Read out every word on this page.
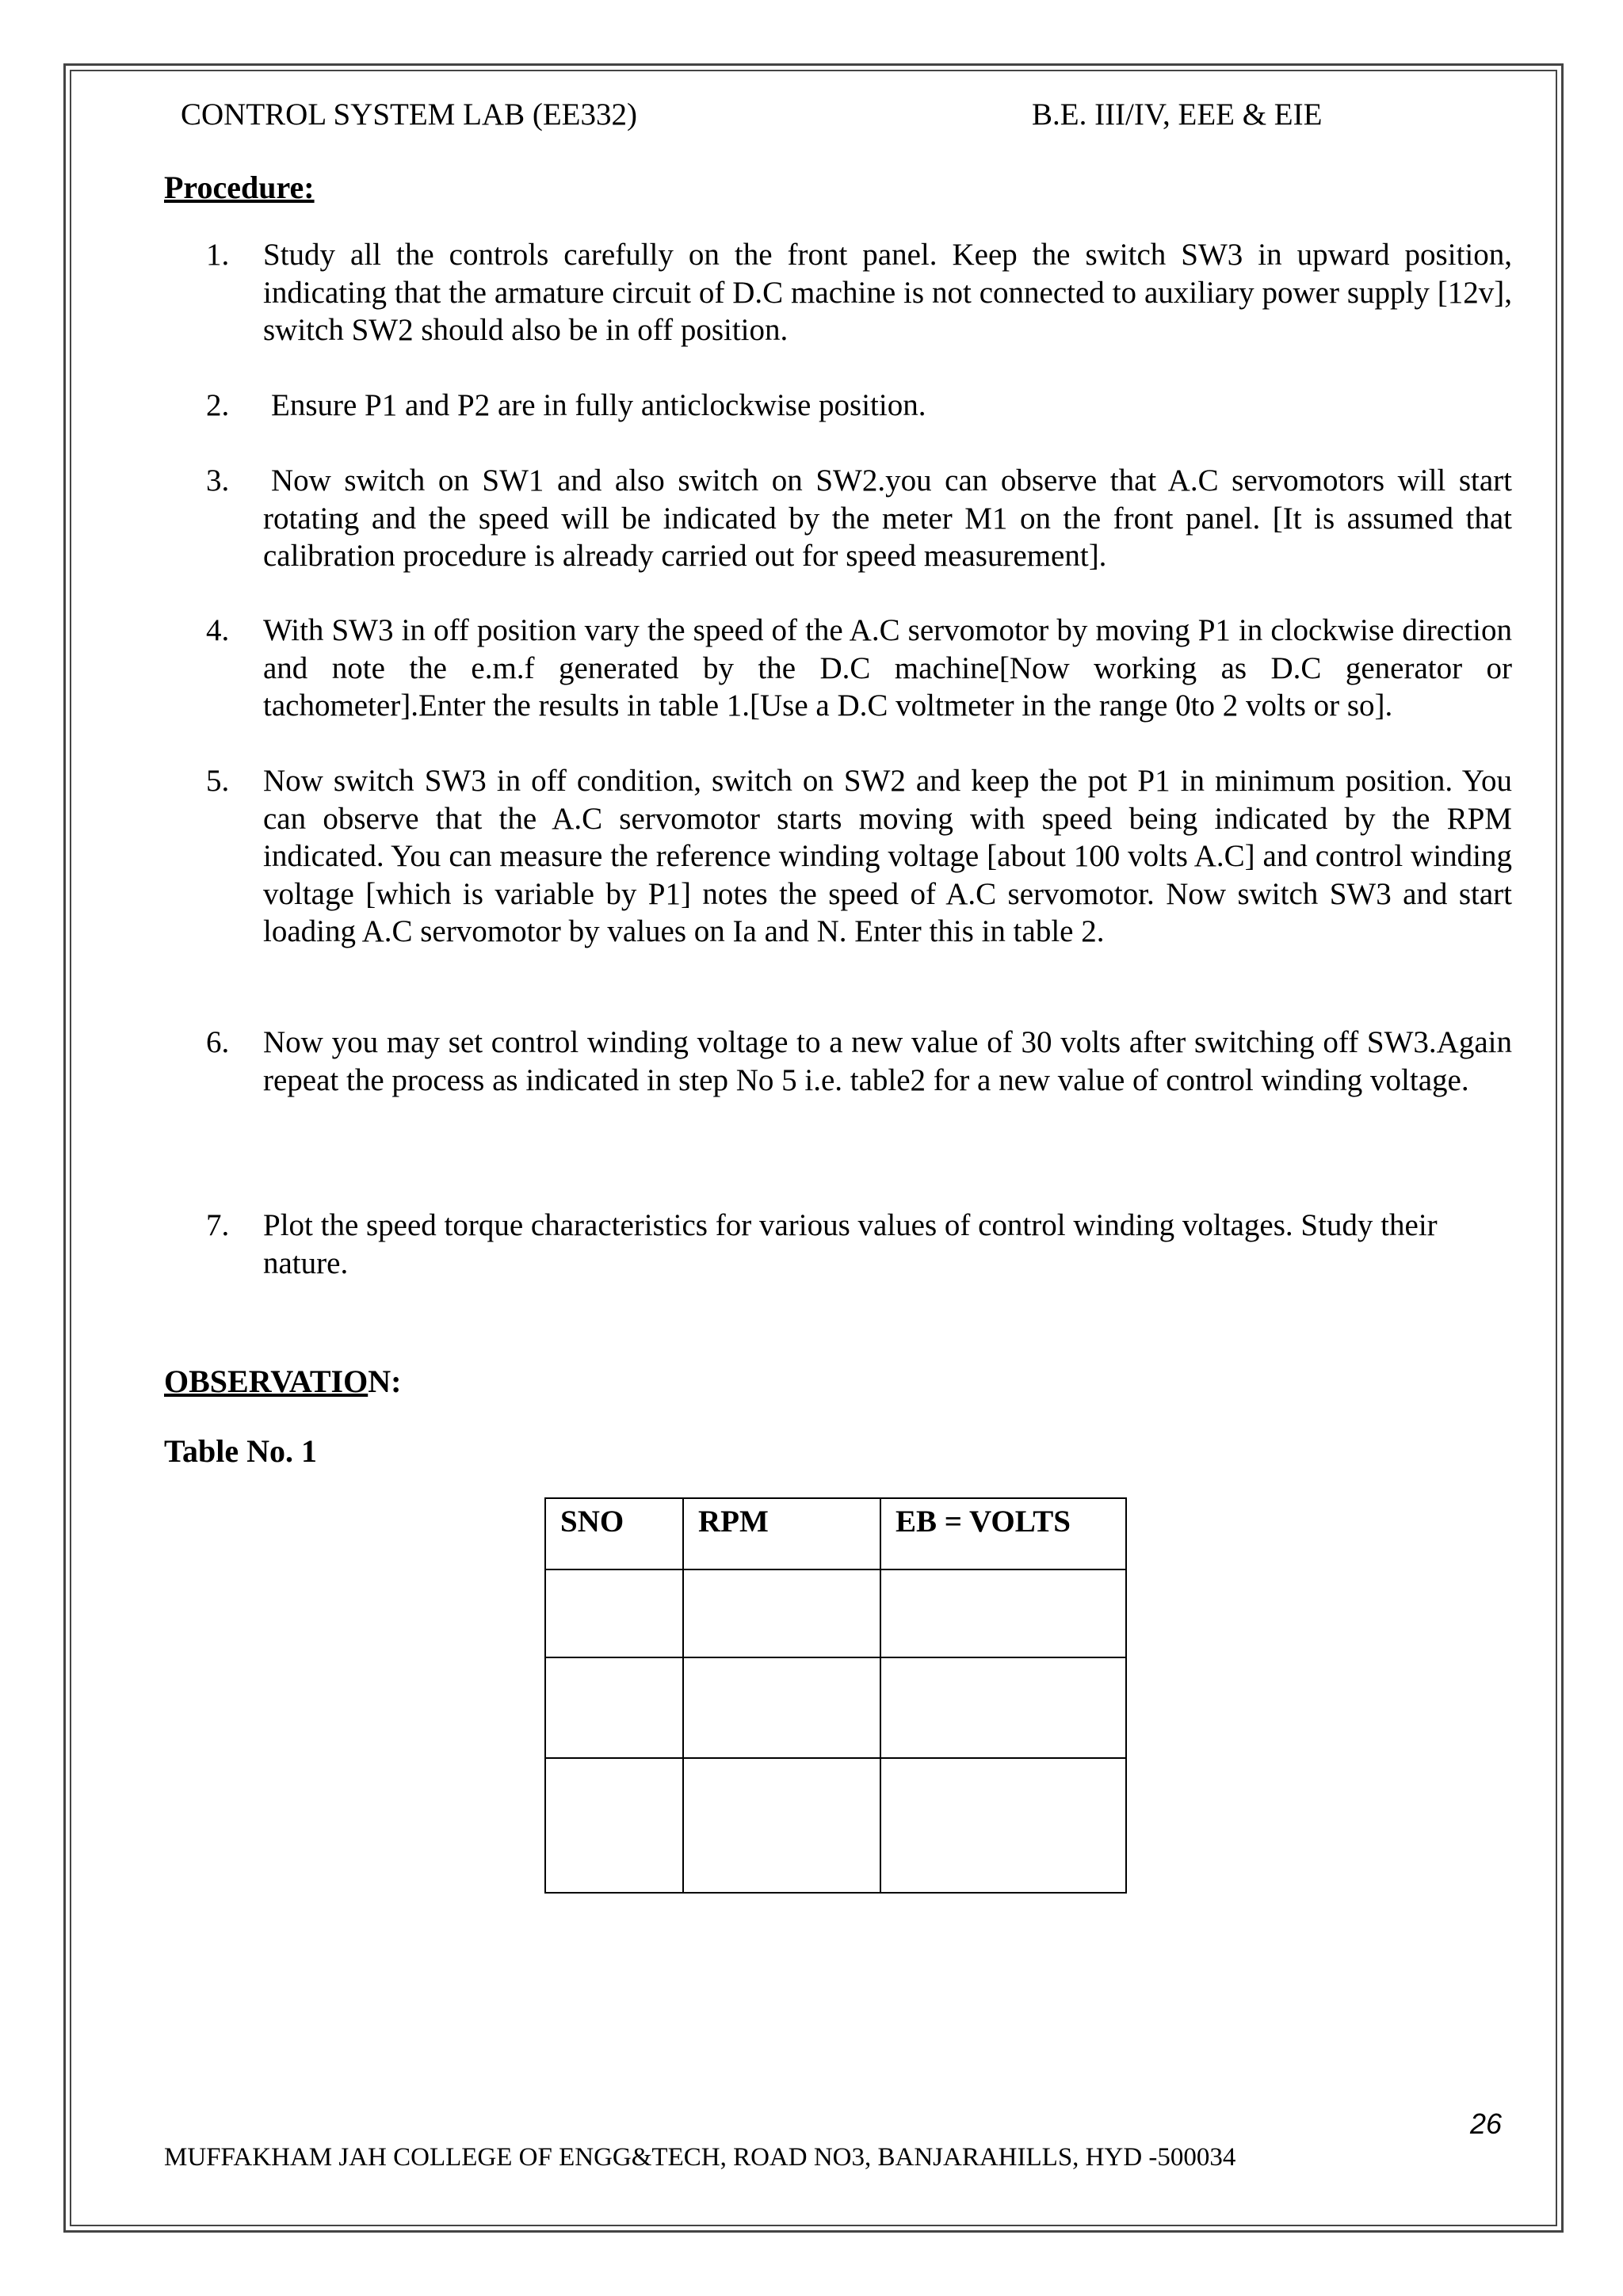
CONTROL SYSTEM LAB (EE332)	B.E. III/IV, EEE & EIE
Procedure:
1.	Study all the controls carefully on the front panel. Keep the switch SW3 in upward position, indicating that the armature circuit of D.C machine is not connected to auxiliary power supply [12v], switch SW2 should also be in off position.
2.	Ensure P1 and P2 are in fully anticlockwise position.
3.	Now switch on SW1 and also switch on SW2.you can observe that A.C servomotors will start rotating and the speed will be indicated by the meter M1 on the front panel. [It is assumed that calibration procedure is already carried out for speed measurement].
4.	With SW3 in off position vary the speed of the A.C servomotor by moving P1 in clockwise direction and note the e.m.f generated by the D.C machine[Now working as D.C generator or tachometer].Enter the results in table 1.[Use a D.C voltmeter in the range 0to 2 volts or so].
5.	Now switch SW3 in off condition, switch on SW2 and keep the pot P1 in minimum position. You can observe that the A.C servomotor starts moving with speed being indicated by the RPM indicated. You can measure the reference winding voltage [about 100 volts A.C] and control winding voltage [which is variable by P1] notes the speed of A.C servomotor. Now switch SW3 and start loading A.C servomotor by values on Ia and N. Enter this in table 2.
6.	Now you may set control winding voltage to a new value of 30 volts after switching off SW3.Again repeat the process as indicated in step No 5 i.e. table2 for a new value of control winding voltage.
7.	Plot the speed torque characteristics for various values of control winding voltages. Study their nature.
OBSERVATION:
Table No. 1
SNO	RPM	EB = VOLTS

26
MUFFAKHAM JAH COLLEGE OF ENGG&TECH, ROAD NO3, BANJARAHILLS, HYD -500034
